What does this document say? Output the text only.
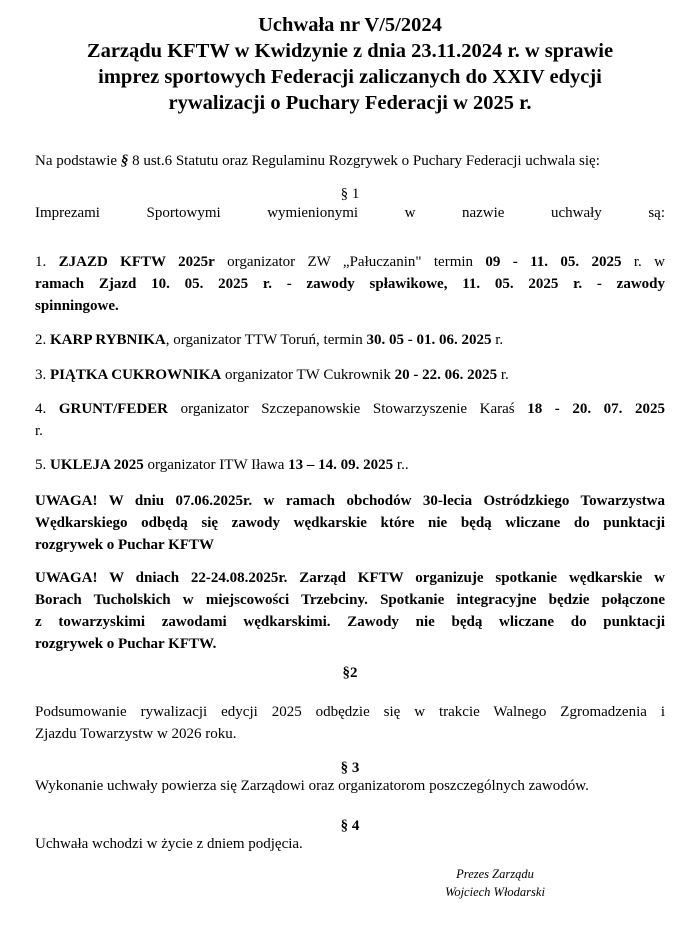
Uchwała nr V/5/2024
Zarządu KFTW w Kwidzynie z dnia 23.11.2024 r. w sprawie
imprez sportowych Federacji zaliczanych do XXIV edycji
rywalizacji o Puchary Federacji w 2025 r.
Na podstawie § 8 ust.6 Statutu oraz Regulaminu Rozgrywek o Puchary Federacji uchwala się:
§ 1
Imprezami Sportowymi wymienionymi w nazwie uchwały są:
1. ZJAZD KFTW 2025r organizator ZW „Pałuczanin" termin 09 - 11. 05. 2025 r. w
ramach Zjazd 10. 05. 2025 r. - zawody spławikowe, 11. 05. 2025 r. - zawody
spinningowe.
2. KARP RYBNIKA, organizator TTW Toruń, termin 30. 05 - 01. 06. 2025 r.
3. PIĄTKA CUKROWNIKA organizator TW Cukrownik 20 - 22. 06. 2025 r.
4. GRUNT/FEDER organizator Szczepanowskie Stowarzyszenie Karaś 18 - 20. 07. 2025
r.
5. UKLEJA 2025 organizator ITW Iława 13 – 14. 09. 2025 r..
UWAGA! W dniu 07.06.2025r. w ramach obchodów 30-lecia Ostródzkiego Towarzystwa
Wędkarskiego odbędą się zawody wędkarskie które nie będą wliczane do punktacji
rozgrywek o Puchar KFTW
UWAGA! W dniach 22-24.08.2025r. Zarząd KFTW organizuje spotkanie wędkarskie w
Borach Tucholskich w miejscowości Trzebciny. Spotkanie integracyjne będzie połączone
z towarzyskimi zawodami wędkarskimi. Zawody nie będą wliczane do punktacji
rozgrywek o Puchar KFTW.
§2
Podsumowanie rywalizacji edycji 2025 odbędzie się w trakcie Walnego Zgromadzenia i
Zjazdu Towarzystw w 2026 roku.
§ 3
Wykonanie uchwały powierza się Zarządowi oraz organizatorom poszczególnych zawodów.
§ 4
Uchwała wchodzi w życie z dniem podjęcia.
Prezes Zarządu
Wojciech Włodarski
